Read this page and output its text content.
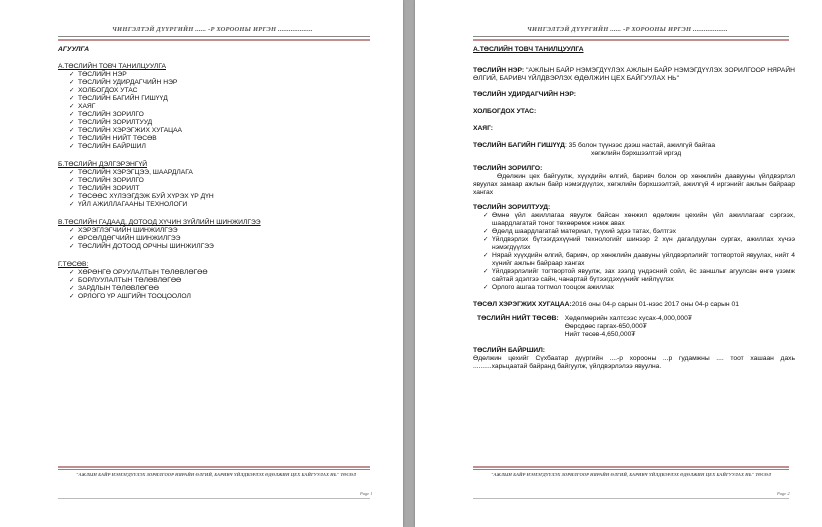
ЧИНГЭЛТЭЙ ДҮҮРГИЙН ...... -Р ХОРООНЫ ИРГЭН ...................
АГУУЛГА
А.ТӨСЛИЙН ТОВЧ ТАНИЛЦУУЛГА
✓ ТӨСЛИЙН НЭР
✓ ТӨСЛИЙН УДИРДАГЧИЙН НЭР
✓ ХОЛБОГДОХ УТАС
✓ ТӨСЛИЙН БАГИЙН ГИШҮҮД
✓ ХАЯГ
✓ ТӨСЛИЙН ЗОРИЛГО
✓ ТӨСЛИЙН ЗОРИЛТУУД
✓ ТӨСЛИЙН ХЭРЭГЖИХ ХУГАЦАА
✓ ТӨСЛИЙН НИЙТ ТӨСӨВ
✓ ТӨСЛИЙН БАЙРШИЛ
Б.ТӨСЛИЙН ДЭЛГЭРЭНГҮЙ
✓ ТӨСЛИЙН ХЭРЭГЦЭЭ, ШААРДЛАГА
✓ ТӨСЛИЙН ЗОРИЛГО
✓ ТӨСЛИЙН ЗОРИЛТ
✓ ТӨСӨӨС ХҮЛЭЭГДЭЖ БУЙ ХҮРЭХ ҮР ДҮН
✓ ҮЙЛ АЖИЛЛАГААНЫ ТЕХНОЛОГИ
В.ТӨСЛИЙН ГАДААД, ДОТООД ХҮЧИН ЗҮЙЛИЙН ШИНЖИЛГЭЭ
✓ ХЭРЭГЛЭГЧИЙН ШИНЖИЛГЭЭ
✓ ӨРСӨЛДӨГЧИЙН ШИНЖИЛГЭЭ
✓ ТӨСЛИЙН ДОТООД ОРЧНЫ ШИНЖИЛГЭЭ
Г.ТӨСӨВ:
✓ ХӨРӨНГӨ ОРУУЛАЛТЫН ТӨЛӨВЛӨГӨӨ
✓ БОРЛУУЛАЛТЫН ТӨЛӨВЛӨГӨӨ
✓ ЗАРДЛЫН ТӨЛӨВЛӨГӨӨ
✓ ОРЛОГО ҮР АШГИЙН ТООЦООЛОЛ
"АЖЛЫН БАЙР НЭМЭГДҮҮЛЭХ ЗОРИЛГООР НЯРАЙН ӨЛГИЙ, БАРИВЧ ҮЙЛДВЭРЛЭХ ӨДӨЛЖИН ЦЕХ БАЙГУУЛАХ НЬ" ТӨСӨЛ
Page 1
ЧИНГЭЛТЭЙ ДҮҮРГИЙН ...... -Р ХОРООНЫ ИРГЭН ...................
А.ТӨСЛИЙН ТОВЧ ТАНИЛЦУУЛГА
ТӨСЛИЙН НЭР: "АЖЛЫН БАЙР НЭМЭГДҮҮЛЭХ АЖЛЫН БАЙР НЭМЭГДҮҮЛЭХ ЗОРИЛГООР НЯРАЙН ӨЛГИЙ, БАРИВЧ ҮЙЛДВЭРЛЭХ ӨДӨЛЖИН ЦЕХ БАЙГУУЛАХ НЬ"
ТӨСЛИЙН УДИРДАГЧИЙН НЭР:
ХОЛБОГДОХ УТАС:
ХАЯГ:
ТӨСЛИЙН БАГИЙН ГИШҮҮД: 35 болон түүнээс дээш настай, ажилгүй байгаа
хөгжлийн бэрхшээлтэй иргэд
ТӨСЛИЙН ЗОРИЛГО:
Өдөлжин цех байгуулж, хүүхдийн өлгий, баривч болон ор хөнжлийн даавууны үйлдвэрлэл явуулах замаар ажлын байр нэмэгдүүлэх, хөгжлийн бэрхшээлтэй, ажилгүй 4 иргэнийг ажлын байраар хангах
ТӨСЛИЙН ЗОРИЛТУУД:
✓ Өмнө үйл ажиллагаа явуулж байсан хөнжил өдөлжин цехийн үйл ажиллагааг сэргээх, шаардлагатай тоног төхөөрөмж нэмж авах
✓ Өдөлд шаардлагатай материал, түүхий эдээ татах, бэлтгэх
✓ Үйлдвэрлэх бүтээгдэхүүний технологийг шинээр 2 хүн дагалдуулан сургах, ажиллах хүчээ нэмэгдүүлэх
✓ Нярай хүүхдийн өлгий, баривч, ор хөнжлийн даавуны үйлдвэрлэлийг тогтвортой явуулах, нийт 4 хүнийг ажлын байраар хангах
✓ Үйлдвэрлэлийг тогтвортой явуулж, зах зээлд үндэсний сойл, ёс заншлыг агуулсан өнгө үзэмж сайтай эдэлгээ сайн, чанартай бүтээгдэхүүнийг нийлүүлэх
✓ Орлого ашгаа тогтмол тооцож ажиллах
ТӨСӨЛ ХЭРЭГЖИХ ХУГАЦАА:2016 оны 04-р сарын 01-нээс 2017 оны 04-р сарын 01
ТӨСЛИЙН НИЙТ ТӨСӨВ: Хөдөлмөрийн халтсээс хүсах-4,000,000₮
Өөрсдөөс гаргах-650,000₮
Нийт төсөв-4,650,000₮
ТӨСЛИЙН БАЙРШИЛ:
Өдөлжин цехийг Сүхбаатар дүүргийн ....-р хорооны ...р гудамжны .... тоот хашаан дахь ..........харьцаатай байранд байгуулж, үйлдвэрлэлээ явуулна.
"АЖЛЫН БАЙР НЭМЭГДҮҮЛЭХ ЗОРИЛГООР НЯРАЙН ӨЛГИЙ, БАРИВЧ ҮЙЛДВЭРЛЭХ ӨДӨЛЖИН ЦЕХ БАЙГУУЛАХ НЬ" ТӨСӨЛ
Page 2
